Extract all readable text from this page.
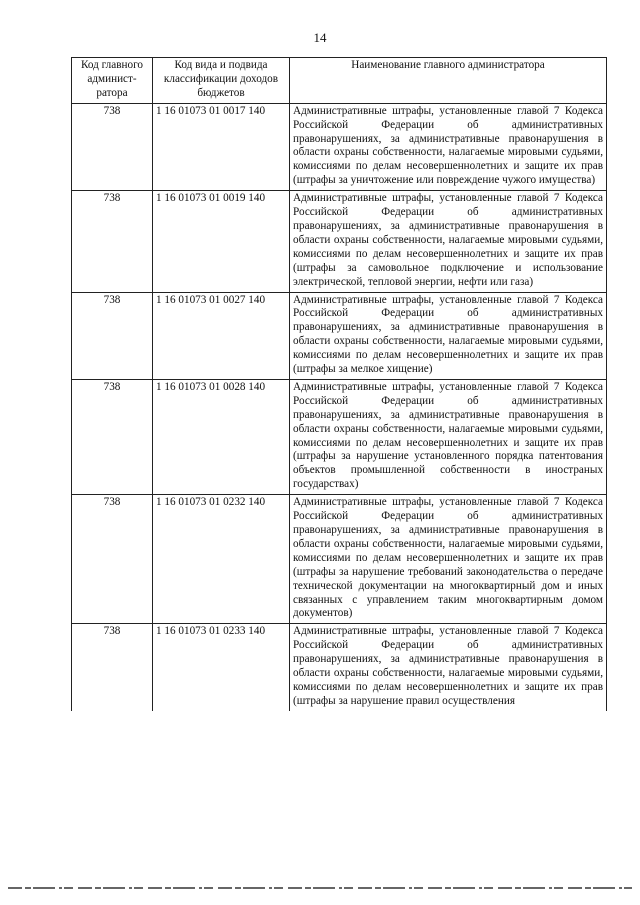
14
Код главного админист-ратора	Код вида и подвида классификации доходов бюджетов	Наименование главного администратора
738	1 16 01073 01 0017 140	Административные штрафы, установленные главой 7 Кодекса Российской Федерации об административных правонарушениях, за административные правонарушения в области охраны собственности, налагаемые мировыми судьями, комиссиями по делам несовершеннолетних и защите их прав (штрафы за уничтожение или повреждение чужого имущества)
738	1 16 01073 01 0019 140	Административные штрафы, установленные главой 7 Кодекса Российской Федерации об административных правонарушениях, за административные правонарушения в области охраны собственности, налагаемые мировыми судьями, комиссиями по делам несовершеннолетних и защите их прав (штрафы за самовольное подключение и использование электрической, тепловой энергии, нефти или газа)
738	1 16 01073 01 0027 140	Административные штрафы, установленные главой 7 Кодекса Российской Федерации об административных правонарушениях, за административные правонарушения в области охраны собственности, налагаемые мировыми судьями, комиссиями по делам несовершеннолетних и защите их прав (штрафы за мелкое хищение)
738	1 16 01073 01 0028 140	Административные штрафы, установленные главой 7 Кодекса Российской Федерации об административных правонарушениях, за административные правонарушения в области охраны собственности, налагаемые мировыми судьями, комиссиями по делам несовершеннолетних и защите их прав (штрафы за нарушение установленного порядка патентования объектов промышленной собственности в иностраных государствах)
738	1 16 01073 01 0232 140	Административные штрафы, установленные главой 7 Кодекса Российской Федерации об административных правонарушениях, за административные правонарушения в области охраны собственности, налагаемые мировыми судьями, комиссиями по делам несовершеннолетних и защите их прав (штрафы за нарушение требований законодательства о передаче технической документации на многоквартирный дом и иных связанных с управлением таким многоквартирным домом документов)
738	1 16 01073 01 0233 140	Административные штрафы, установленные главой 7 Кодекса Российской Федерации об административных правонарушениях, за административные правонарушения в области охраны собственности, налагаемые мировыми судьями, комиссиями по делам несовершеннолетних и защите их прав (штрафы за нарушение правил осуществления
